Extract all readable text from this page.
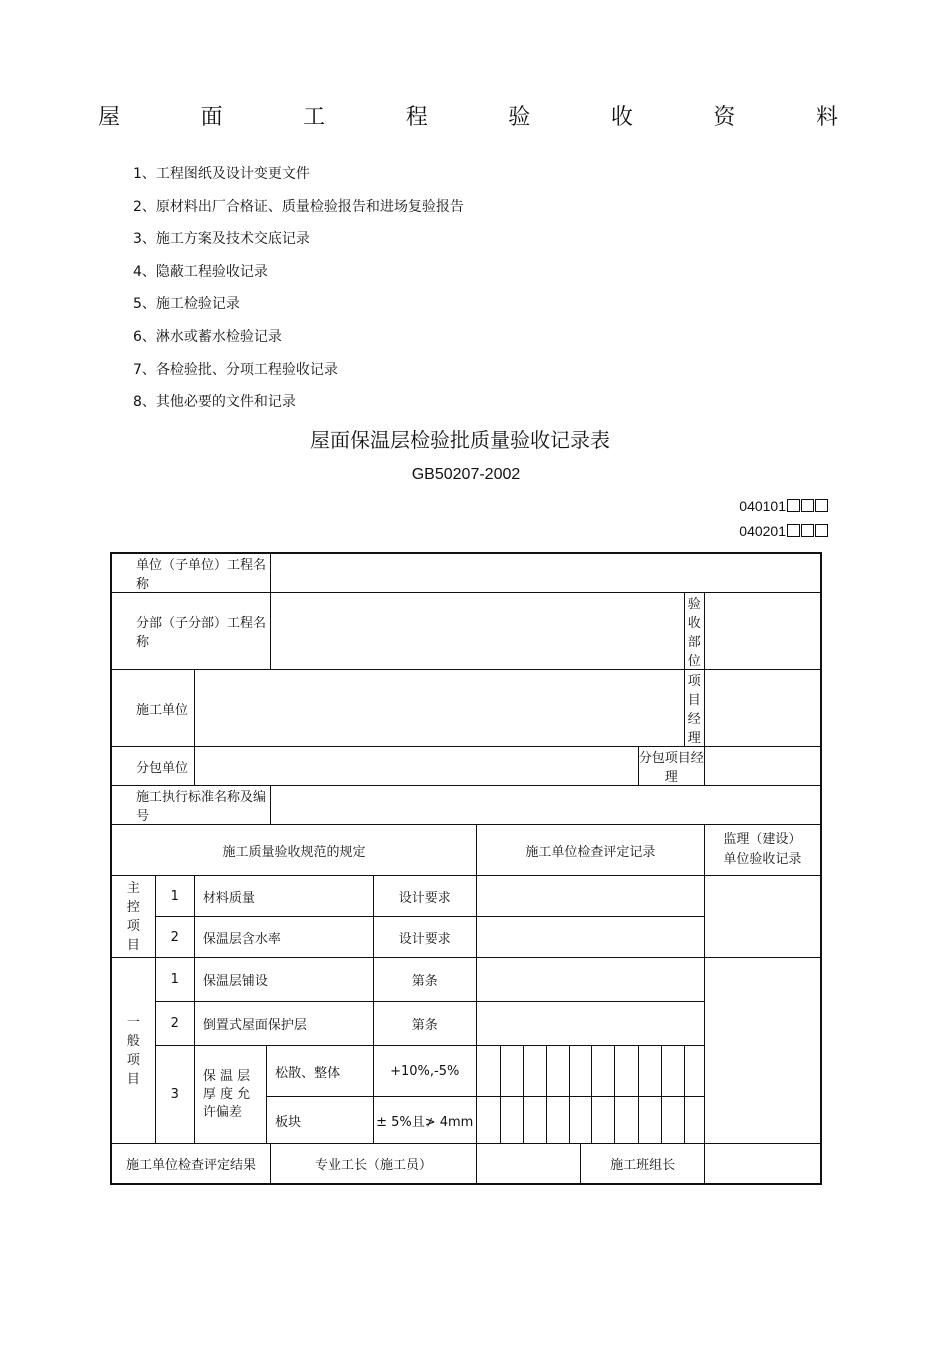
屋	面	工	程	验	收	资	料
1、工程图纸及设计变更文件
2、原材料出厂合格证、质量检验报告和进场复验报告
3、施工方案及技术交底记录
4、隐蔽工程验收记录
5、施工检验记录
6、淋水或蓄水检验记录
7、各检验批、分项工程验收记录
8、其他必要的文件和记录
屋面保温层检验批质量验收记录表
GB50207-2002
040101
040201
单位（子单位）工程名称																	
分部（子分部）工程名称																验收部位	
施工单位																项目经理	
分包单位														分包项目经理			
施工执行标准名称及编号																	
施工质量验收规范的规定						施工单位检查评定记录											监理（建设）
单位验收记录

主
控
项
目	1	材料质量			设计要求												
	2	保温层含水率			设计要求												

一
般
项
目	1	保温层铺设			第条												
	2	倒置式屋面保护层			第条												
	3	保 温 层
厚 度 允
许偏差	松散、整体		+10%,-5%												
			板块		± 5%且≯ 4mm												
施工单位检查评定结果				专业工长（施工员）							施工班组长						
